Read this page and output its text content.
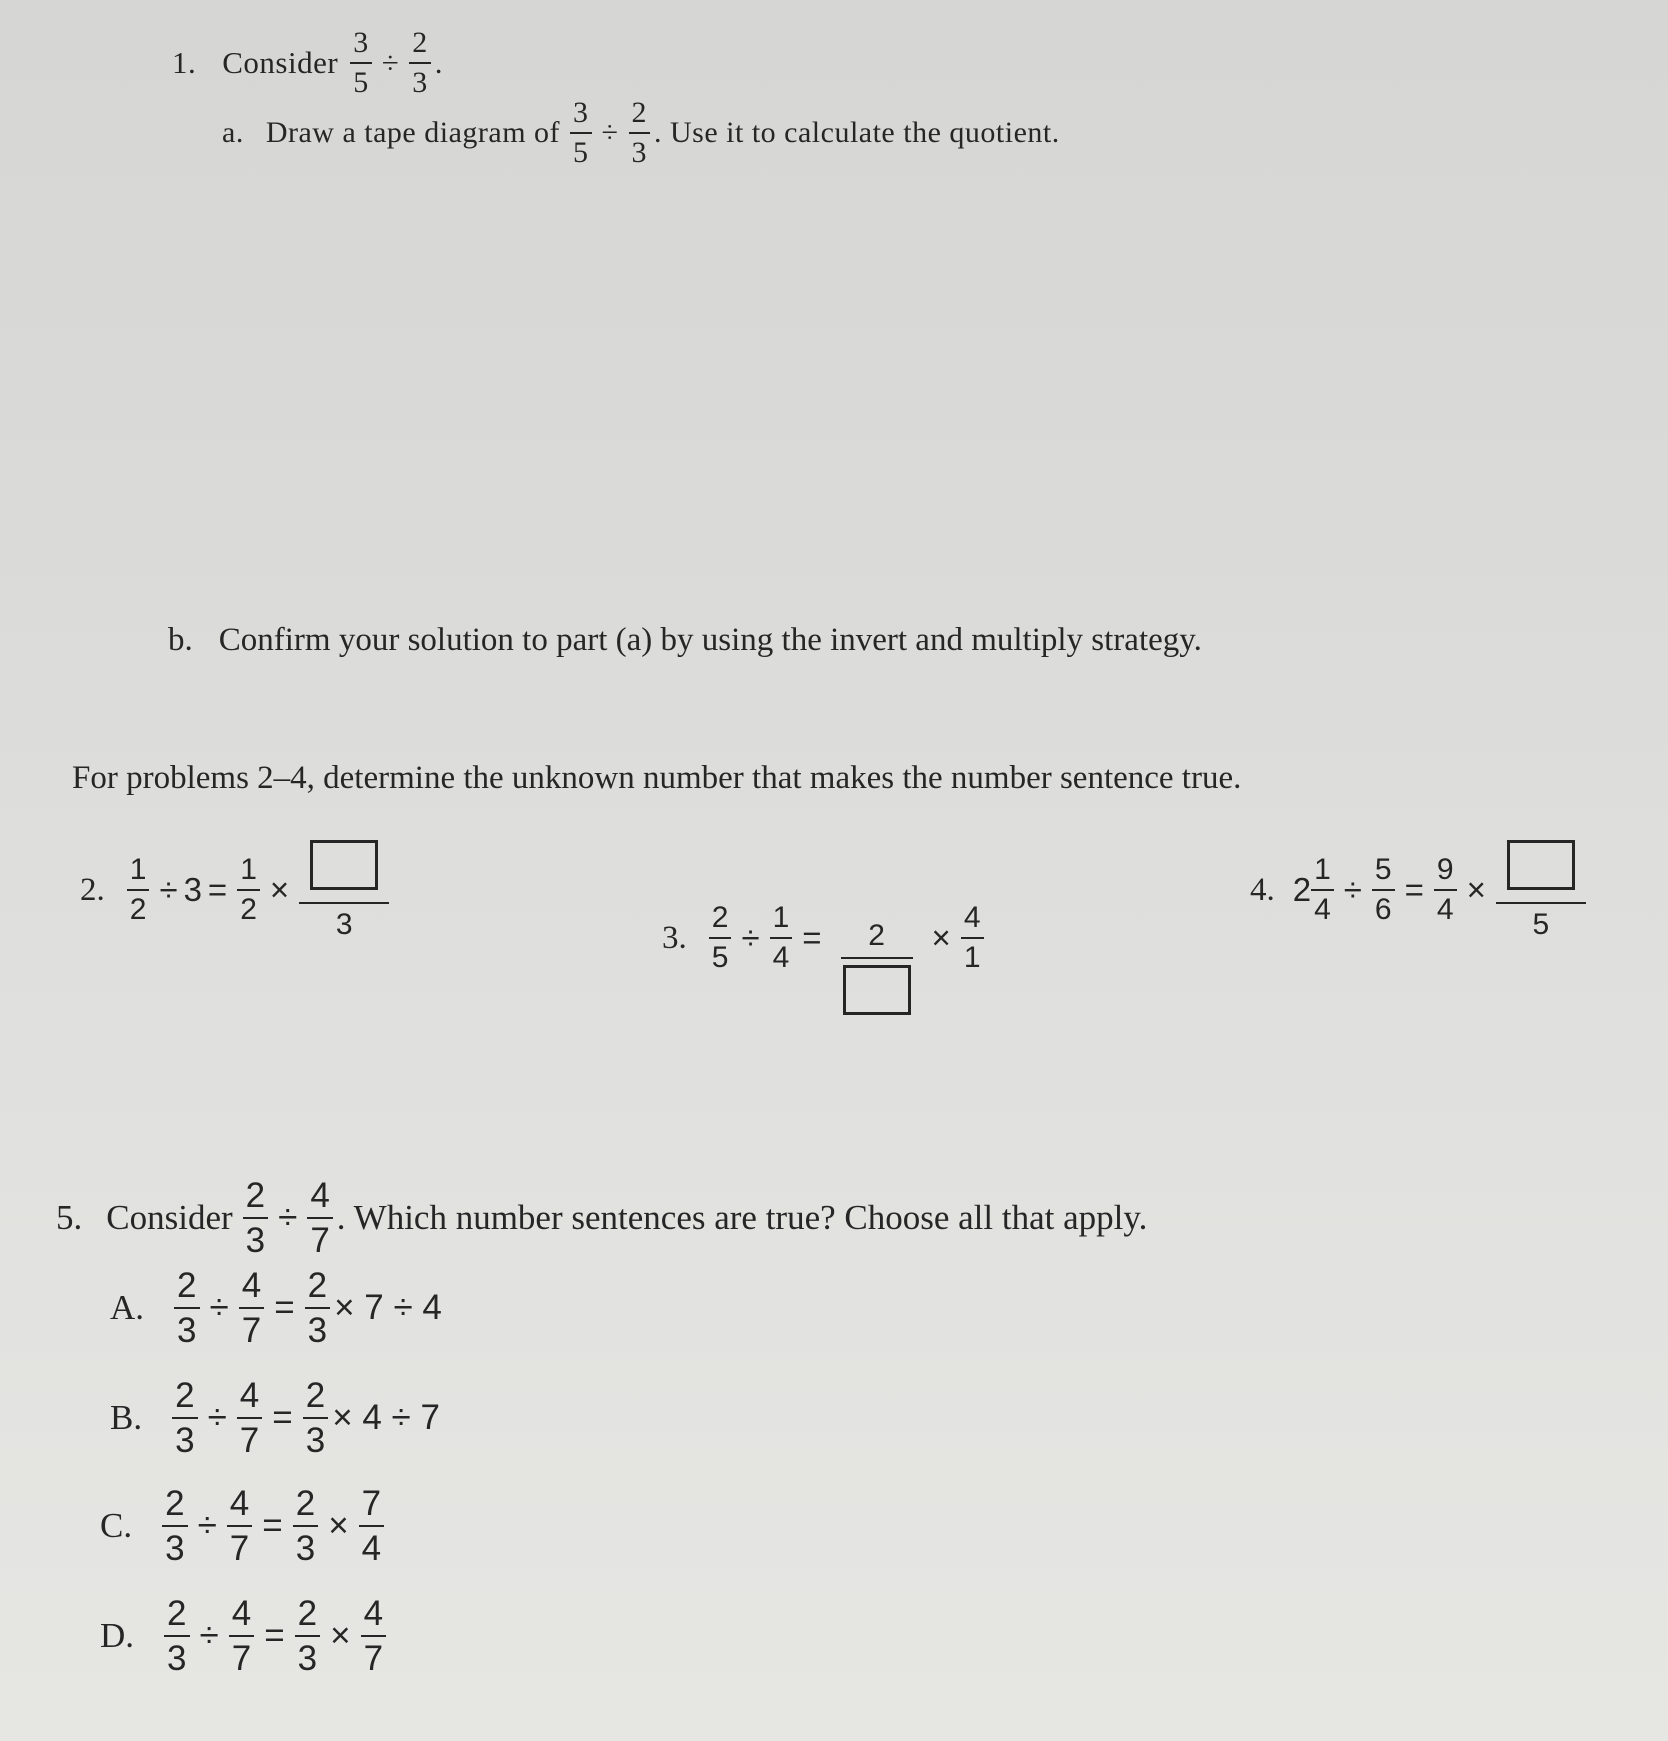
1. Consider $\frac{3}{5} \div \frac{2}{3}$ .
a. Draw a tape diagram of $\frac{3}{5} \div \frac{2}{3}$ . Use it to calculate the quotient.
b. Confirm your solution to part (a) by using the invert and multiply strategy.
For problems 2–4, determine the unknown number that makes the number sentence true.
2. $\frac{1}{2} \div 3 = \frac{1}{2}$ ×
3	3. $\frac{2}{5} \div \frac{1}{4}$ =	2	× $\frac{4}{1}$
4. $2 \frac{1}{4} \div \frac{5}{6} = \frac{9}{4}$ ×
5
5. Consider $\frac{2}{3} \div \frac{4}{7}$ . Which number sentences are true? Choose all that apply.
A. $\frac{2}{3} \div \frac{4}{7} = \frac{2}{3} \times 7 \div 4$
B. $\frac{2}{3} \div \frac{4}{7} = \frac{2}{3} \times 4 \div 7$
C. $\frac{2}{3} \div \frac{4}{7} = \frac{2}{3} \times \frac{7}{4}$
D. $\frac{2}{3} \div \frac{4}{7} = \frac{2}{3} \times \frac{4}{7}$
